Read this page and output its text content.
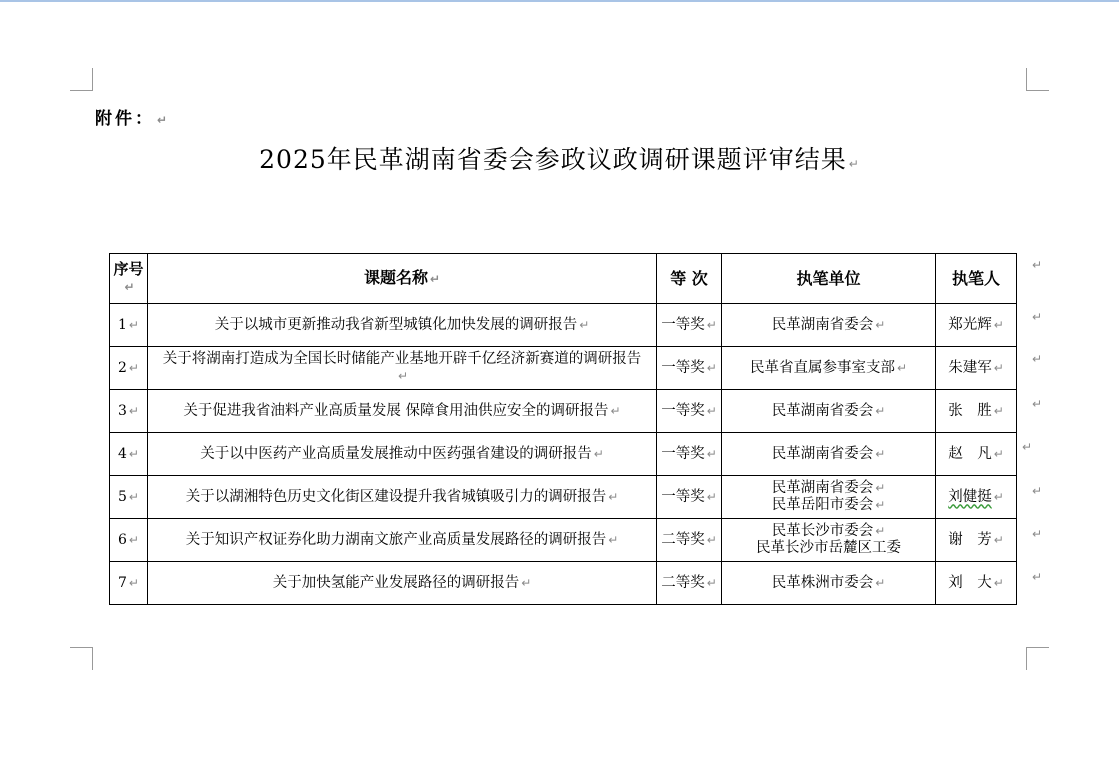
附件： ↵
2025年民革湖南省委会参政议政调研课题评审结果 ↵
序号↵	课题名称 ↵	等 次	执笔单位	执笔人
1 ↵	关于以城市更新推动我省新型城镇化加快发展的调研报告 ↵	一等奖 ↵	民革湖南省委会 ↵	郑光辉 ↵
2 ↵	关于将湖南打造成为全国长时储能产业基地开辟千亿经济新赛道的调研报告↵	一等奖 ↵	民革省直属参事室支部 ↵	朱建军 ↵
3 ↵	关于促进我省油料产业高质量发展 保障食用油供应安全的调研报告 ↵	一等奖 ↵	民革湖南省委会 ↵	张　胜 ↵
4 ↵	关于以中医药产业高质量发展推动中医药强省建设的调研报告 ↵	一等奖 ↵	民革湖南省委会 ↵	赵　凡 ↵
5 ↵	关于以湖湘特色历史文化街区建设提升我省城镇吸引力的调研报告 ↵	一等奖 ↵	民革湖南省委会 ↵
民革岳阳市委会 ↵	刘健挺 ↵
6 ↵	关于知识产权证券化助力湖南文旅产业高质量发展路径的调研报告 ↵	二等奖 ↵	民革长沙市委会 ↵
民革长沙市岳麓区工委	谢　芳 ↵
7 ↵	关于加快氢能产业发展路径的调研报告 ↵	二等奖 ↵	民革株洲市委会 ↵	刘　大 ↵
↵
↵
↵
↵
↵
↵
↵
↵
